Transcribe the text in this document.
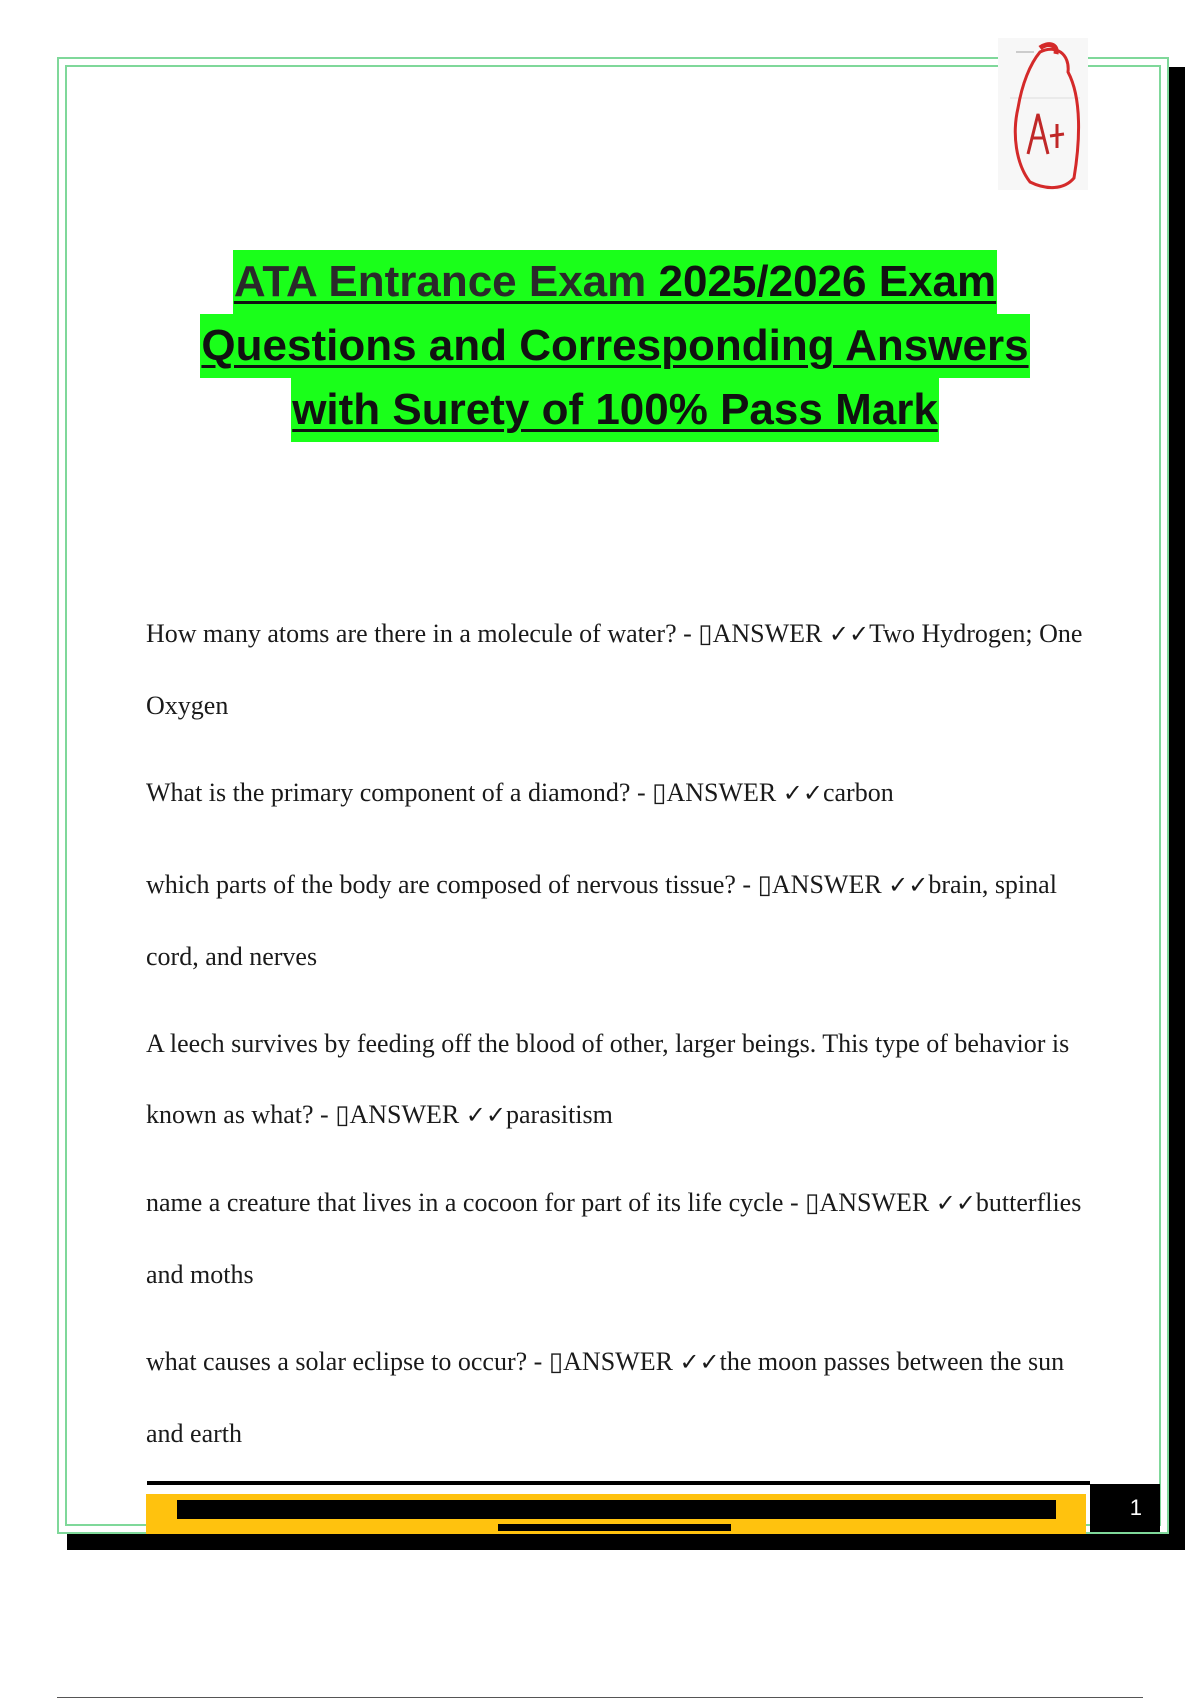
ATA Entrance Exam 2025/2026 Exam
Questions and Corresponding Answers
with Surety of 100% Pass Mark
How many atoms are there in a molecule of water? - ▯ANSWER ✓✓Two Hydrogen; One Oxygen
What is the primary component of a diamond? - ▯ANSWER ✓✓carbon
which parts of the body are composed of nervous tissue? - ▯ANSWER ✓✓brain, spinal cord, and nerves
A leech survives by feeding off the blood of other, larger beings. This type of behavior is known as what? - ▯ANSWER ✓✓parasitism
name a creature that lives in a cocoon for part of its life cycle - ▯ANSWER ✓✓butterflies and moths
what causes a solar eclipse to occur? - ▯ANSWER ✓✓the moon passes between the sun and earth
1
